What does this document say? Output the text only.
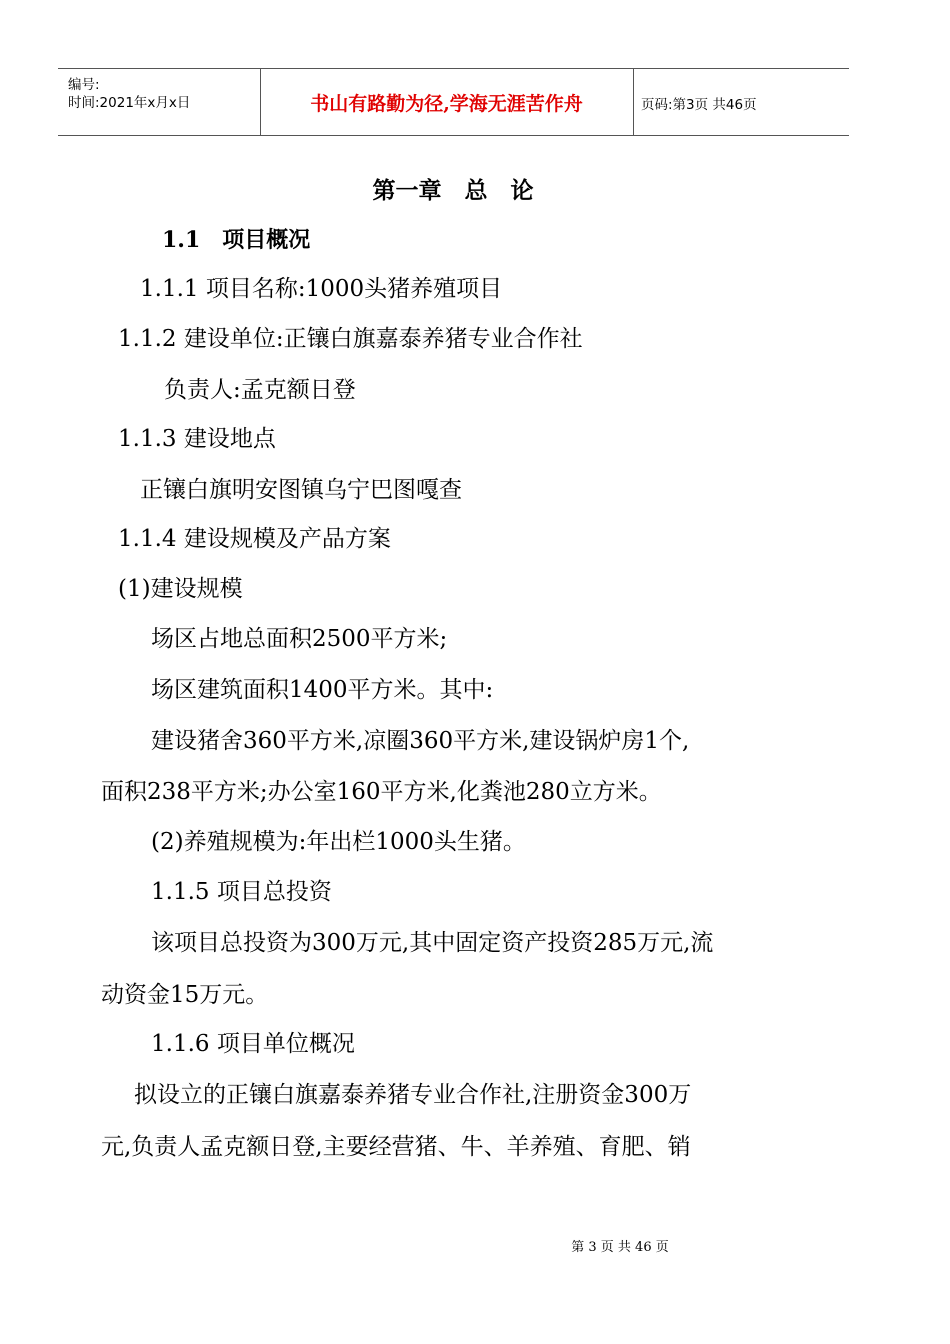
编号:
时间:2021年x月x日	书山有路勤为径,学海无涯苦作舟	页码:第3页 共46页
第一章　总　论
1.1　项目概况
1.1.1 项目名称:1000头猪养殖项目
1.1.2 建设单位:正镶白旗嘉泰养猪专业合作社
负责人:孟克额日登
1.1.3 建设地点
正镶白旗明安图镇乌宁巴图嘎查
1.1.4 建设规模及产品方案
(1)建设规模
场区占地总面积2500平方米;
场区建筑面积1400平方米。其中:
建设猪舍360平方米,凉圈360平方米,建设锅炉房1个,
面积238平方米;办公室160平方米,化粪池280立方米。
(2)养殖规模为:年出栏1000头生猪。
1.1.5 项目总投资
该项目总投资为300万元,其中固定资产投资285万元,流
动资金15万元。
1.1.6 项目单位概况
拟设立的正镶白旗嘉泰养猪专业合作社,注册资金300万
元,负责人孟克额日登,主要经营猪、牛、羊养殖、育肥、销
第 3 页 共 46 页
